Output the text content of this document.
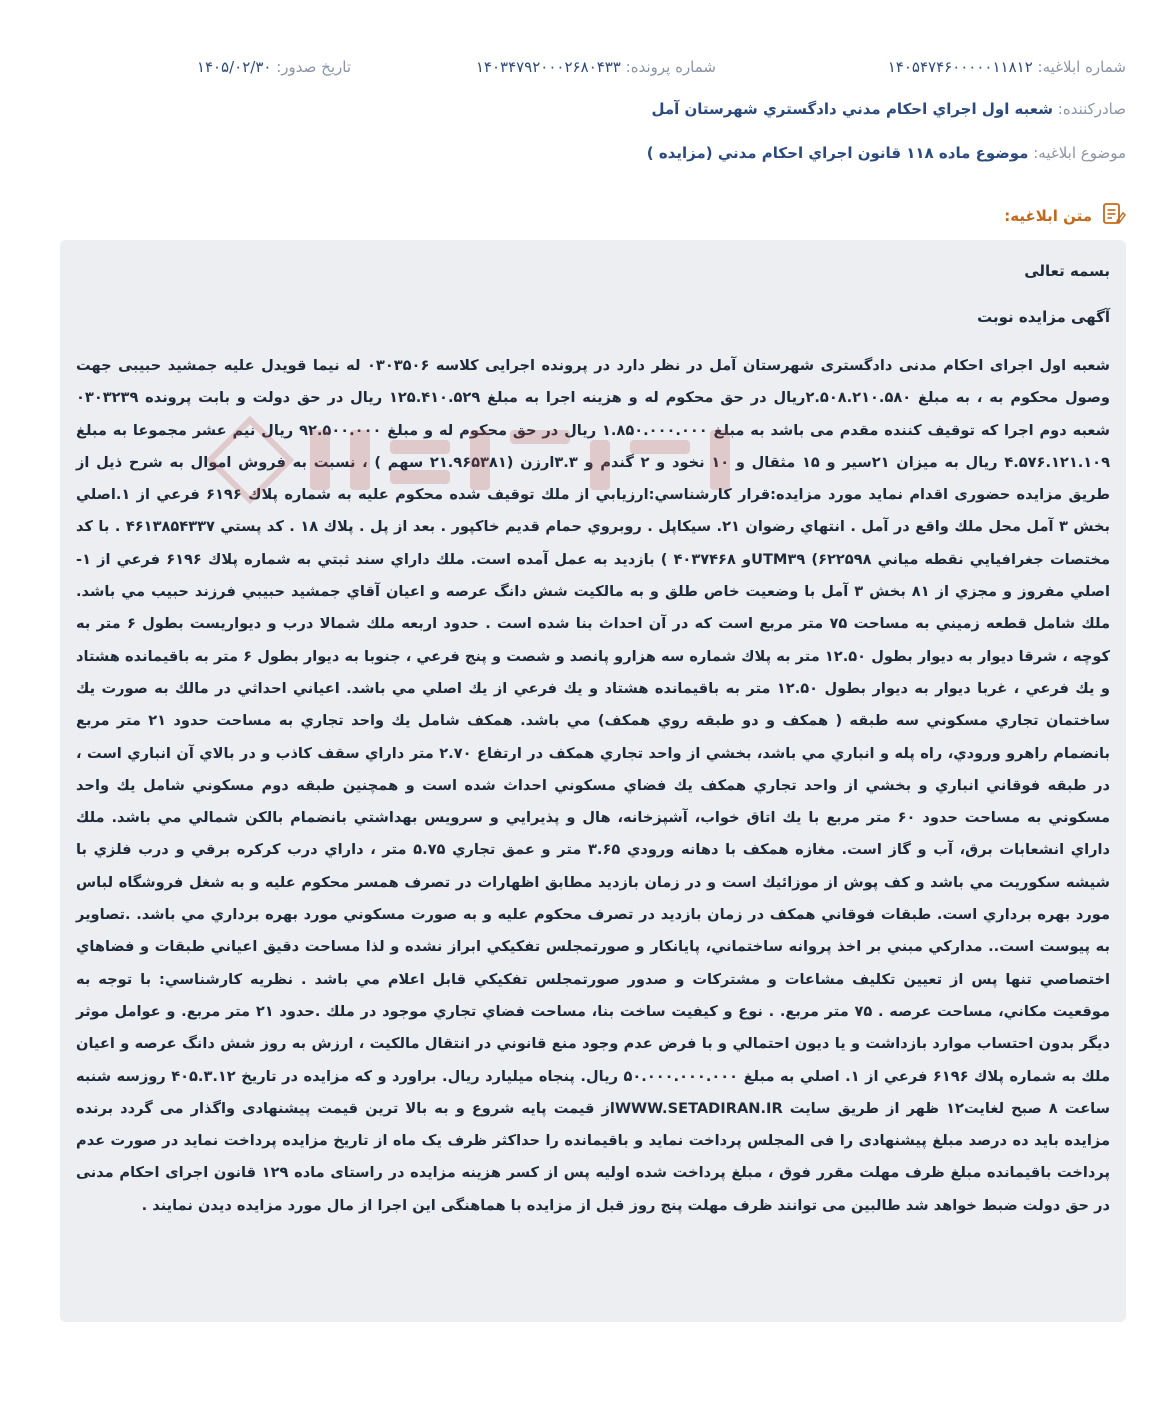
شماره ابلاغیه: ۱۴۰۵۴۷۴۶۰۰۰۰۰۱۱۸۱۲
شماره پرونده: ۱۴۰۳۴۷۹۲۰۰۰۲۶۸۰۴۳۳
تاریخ صدور: ۱۴۰۵/۰۲/۳۰
صادرکننده: شعبه اول اجراي احكام مدني دادگستري شهرستان آمل
موضوع ابلاغیه: موضوع ماده ۱۱۸ قانون اجراي احكام مدني (مزايده )
متن ابلاغیه:
بسمه تعالی
آگهی مزایده نوبت
شعبه اول اجرای احکام مدنی دادگستری شهرستان آمل در نظر دارد در پرونده اجرایی کلاسه ۰۳۰۳۵۰۶ له نیما قویدل علیه جمشید حبیبی جهت وصول محکوم به ، به مبلغ ۲.۵۰۸.۲۱۰.۵۸۰ریال در حق محکوم له و هزینه اجرا به مبلغ ۱۲۵.۴۱۰.۵۲۹ ریال در حق دولت و بابت پرونده ۰۳۰۳۲۳۹ شعبه دوم اجرا که توقیف کننده مقدم می باشد به مبلغ ۱.۸۵۰.۰۰۰.۰۰۰ ریال در حق محکوم له و مبلغ ۹۲.۵۰۰.۰۰۰ ریال نیم عشر مجموعا به مبلغ ۴.۵۷۶.۱۲۱.۱۰۹ ریال به میزان ۲۱سیر و ۱۵ مثقال و ۱۰ نخود و ۲ گندم و ۳.۳ارزن (۲۱.۹۶۵۳۸۱ سهم ) ، نسبت به فروش اموال به شرح ذیل از طریق مزایده حضوری اقدام نماید مورد مزایده:قرار کارشناسي:ارزيابي از ملك توقيف شده محكوم عليه به شماره پلاك ۶۱۹۶ فرعي از ۱.اصلي بخش ۳ آمل محل ملك واقع در آمل . انتهاي رضوان ۲۱. سيكاپل . روبروي حمام قديم خاكپور . بعد از پل . پلاك ۱۸ . كد پستي ۴۶۱۳۸۵۴۳۳۷ . با كد مختصات جغرافيايي نقطه مياني ۶۲۲۵۹۸) UTM۳۹و ۴۰۳۷۴۶۸ ) بازديد به عمل آمده است. ملك داراي سند ثبتي به شماره پلاك ۶۱۹۶ فرعي از ۱- اصلي مفروز و مجزي از ۸۱ بخش ۳ آمل با وضعيت خاص طلق و به مالكيت شش دانگ عرصه و اعيان آقاي جمشيد حبيبي فرزند حبيب مي باشد. ملك شامل قطعه زميني به مساحت ۷۵ متر مربع است كه در آن احداث بنا شده است . حدود اربعه ملك شمالا درب و ديواريست بطول ۶ متر به كوچه ، شرقا ديوار به ديوار بطول ۱۲.۵۰ متر به پلاك شماره سه هزارو پانصد و شصت و پنج فرعي ، جنوبا به ديوار بطول ۶ متر به باقيمانده هشتاد و يك فرعي ، غربا ديوار به ديوار بطول ۱۲.۵۰ متر به باقيمانده هشتاد و يك فرعي از يك اصلي مي باشد. اعياني احداثي در مالك به صورت يك ساختمان تجاري مسكوني سه طبقه ( همكف و دو طبقه روي همكف) مي باشد. همكف شامل يك واحد تجاري به مساحت حدود ۲۱ متر مربع بانضمام راهرو ورودي، راه پله و انباري مي باشد، بخشي از واحد تجاري همكف در ارتفاع ۲.۷۰ متر داراي سقف كاذب و در بالاي آن انباري است ، در طبقه فوقاني انباري و بخشي از واحد تجاري همكف يك فضاي مسكوني احداث شده است و همچنين طبقه دوم مسكوني شامل يك واحد مسكوني به مساحت حدود ۶۰ متر مربع با يك اتاق خواب، آشپزخانه، هال و پذيرايي و سرويس بهداشتي بانضمام بالكن شمالي مي باشد. ملك داراي انشعابات برق، آب و گاز است. مغازه همكف با دهانه ورودي ۳.۶۵ متر و عمق تجاري ۵.۷۵ متر ، داراي درب كركره برقي و درب فلزي با شيشه سكوريت مي باشد و كف پوش از موزائيك است و در زمان بازديد مطابق اظهارات در تصرف همسر محكوم عليه و به شغل فروشگاه لباس مورد بهره برداري است. طبقات فوقاني همكف در زمان بازديد در تصرف محكوم عليه و به صورت مسكوني مورد بهره برداري مي باشد. .تصاوير به پيوست است.. مداركي مبني بر اخذ پروانه ساختماني، پايانكار و صورتمجلس تفكيكي ابراز نشده و لذا مساحت دقيق اعياني طبقات و فضاهاي اختصاصي تنها پس از تعيين تكليف مشاعات و مشتركات و صدور صورتمجلس تفكيكي قابل اعلام مي باشد . نظريه كارشناسي: با توجه به موقعيت مكاني، مساحت عرصه . ۷۵ متر مربع. . نوع و كيفيت ساخت بنا، مساحت فضاي تجاري موجود در ملك .حدود ۲۱ متر مربع. و عوامل موثر ديگر بدون احتساب موارد بازداشت و يا ديون احتمالي و با فرض عدم وجود منع قانوني در انتقال مالكيت ، ارزش به روز شش دانگ عرصه و اعيان ملك به شماره پلاك ۶۱۹۶ فرعي از ۱. اصلي به مبلغ ۵۰.۰۰۰.۰۰۰.۰۰۰ ريال. پنجاه ميليارد ريال. براورد و كه مزایده در تاریخ ۴۰۵.۳.۱۲ روزسه شنبه ساعت ۸ صبح لغایت۱۲ ظهر از طریق سایت WWW.SETADIRAN.IRاز قیمت پایه شروع و به بالا ترین قیمت پیشنهادی واگذار می گردد برنده مزایده باید ده درصد مبلغ پیشنهادی را فی المجلس پرداخت نماید و باقیمانده را حداکثر ظرف یک ماه از تاریخ مزایده پرداخت نماید در صورت عدم پرداخت باقیمانده مبلغ ظرف مهلت مقرر فوق ، مبلغ پرداخت شده اولیه پس از کسر هزینه مزایده در راستای ماده ۱۲۹ قانون اجرای احکام مدنی در حق دولت ضبط خواهد شد طالبین می توانند ظرف مهلت پنج روز قبل از مزایده با هماهنگی این اجرا از مال مورد مزایده دیدن نمایند .
